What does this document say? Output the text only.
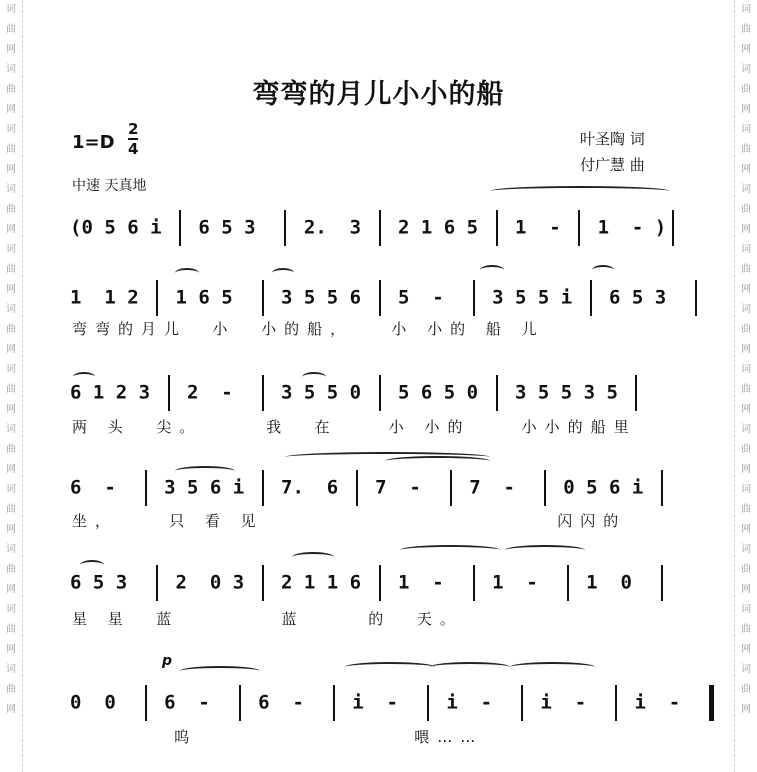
词
曲
网
词
曲
网
词
曲
网
词
曲
网
词
曲
网
词
曲
网
词
曲
网
词
曲
网
词
曲
网
词
曲
网
词
曲
网
词
曲
网
词
曲
网
词
曲
网
词
曲
网
词
曲
网
词
曲
网
词
曲
网
词
曲
网
词
曲
网
词
曲
网
词
曲
网
词
曲
网
词
曲
网
弯弯的月儿小小的船
$1=D \frac{2}{4}$	叶圣陶 词
付广慧 曲
中速 天真地
p
(0 5 6 i  6 5 3   2.  3  2 1 6 5  1  -  1  - )
1  1 2  1 6 5   3 5 5 6  5  -   3 5 5 i  6 5 3
弯弯的月儿  小  小的船，   小 小的 船 儿
6 1 2 3  2  -   3 5 5 0  5 6 5 0  3 5 5 3 5
两 头  尖。     我  在    小 小的    小小的船里
6  -   3 5 6 i  7.  6  7  -   7  -   0 5 6 i
坐，    只 看 见                       闪闪的
6 5 3   2  0 3  2 1 1 6  1  -   1  -   1  0
星 星  蓝        蓝     的  天。
0  0   6  -   6  -   i  -   i  -   i  -   i  -
呜                 喂……
